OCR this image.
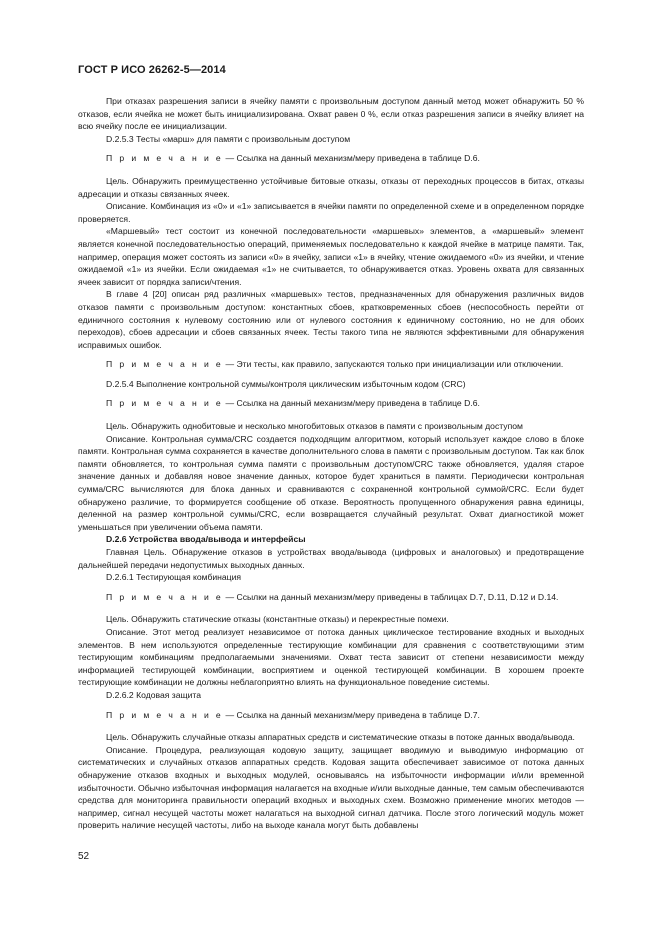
ГОСТ Р ИСО 26262-5—2014

При отказах разрешения записи в ячейку памяти с произвольным доступом данный метод может обнаружить 50 % отказов, если ячейка не может быть инициализирована. Охват равен 0 %, если отказ разрешения записи в ячейку влияет на всю ячейку после ее инициализации.

D.2.5.3 Тесты «марш» для памяти с произвольным доступом

П р и м е ч а н и е — Ссылка на данный механизм/меру приведена в таблице D.6.

Цель. Обнаружить преимущественно устойчивые битовые отказы, отказы от переходных процессов в битах, отказы адресации и отказы связанных ячеек.

Описание. Комбинация из «0» и «1» записывается в ячейки памяти по определенной схеме и в определенном порядке проверяется.

«Маршевый» тест состоит из конечной последовательности «маршевых» элементов, а «маршевый» элемент является конечной последовательностью операций, применяемых последовательно к каждой ячейке в матрице памяти. Так, например, операция может состоять из записи «0» в ячейку, записи «1» в ячейку, чтение ожидаемого «0» из ячейки, и чтение ожидаемой «1» из ячейки. Если ожидаемая «1» не считывается, то обнаруживается отказ. Уровень охвата для связанных ячеек зависит от порядка записи/чтения.

В главе 4 [20] описан ряд различных «маршевых» тестов, предназначенных для обнаружения различных видов отказов памяти с произвольным доступом: константных сбоев, кратковременных сбоев (неспособность перейти от единичного состояния к нулевому состоянию или от нулевого состояния к единичному состоянию, но не для обоих переходов), сбоев адресации и сбоев связанных ячеек. Тесты такого типа не являются эффективными для обнаружения исправимых ошибок.

П р и м е ч а н и е — Эти тесты, как правило, запускаются только при инициализации или отключении.

D.2.5.4 Выполнение контрольной суммы/контроля циклическим избыточным кодом (CRC)

П р и м е ч а н и е — Ссылка на данный механизм/меру приведена в таблице D.6.

Цель. Обнаружить однобитовые и несколько многобитовых отказов в памяти с произвольным доступом

Описание. Контрольная сумма/CRC создается подходящим алгоритмом, который использует каждое слово в блоке памяти. Контрольная сумма сохраняется в качестве дополнительного слова в памяти с произвольным доступом. Так как блок памяти обновляется, то контрольная сумма памяти с произвольным доступом/CRC также обновляется, удаляя старое значение данных и добавляя новое значение данных, которое будет храниться в памяти. Периодически контрольная сумма/CRC вычисляются для блока данных и сравниваются с сохраненной контрольной суммой/CRC. Если будет обнаружено различие, то формируется сообщение об отказе. Вероятность пропущенного обнаружения равна единицы, деленной на размер контрольной суммы/CRC, если возвращается случайный результат. Охват диагностикой может уменьшаться при увеличении объема памяти.

D.2.6 Устройства ввода/вывода и интерфейсы

Главная Цель. Обнаружение отказов в устройствах ввода/вывода (цифровых и аналоговых) и предотвращение дальнейшей передачи недопустимых выходных данных.

D.2.6.1 Тестирующая комбинация

П р и м е ч а н и е — Ссылки на данный механизм/меру приведены в таблицах D.7, D.11, D.12 и D.14.

Цель. Обнаружить статические отказы (константные отказы) и перекрестные помехи.

Описание. Этот метод реализует независимое от потока данных циклическое тестирование входных и выходных элементов. В нем используются определенные тестирующие комбинации для сравнения с соответствующими этим тестирующим комбинациям предполагаемыми значениями. Охват теста зависит от степени независимости между информацией тестирующей комбинации, восприятием и оценкой тестирующей комбинации. В хорошем проекте тестирующие комбинации не должны неблагоприятно влиять на функциональное поведение системы.

D.2.6.2 Кодовая защита

П р и м е ч а н и е — Ссылка на данный механизм/меру приведена в таблице D.7.

Цель. Обнаружить случайные отказы аппаратных средств и систематические отказы в потоке данных ввода/вывода.

Описание. Процедура, реализующая кодовую защиту, защищает вводимую и выводимую информацию от систематических и случайных отказов аппаратных средств. Кодовая защита обеспечивает зависимое от потока данных обнаружение отказов входных и выходных модулей, основываясь на избыточности информации и/или временной избыточности. Обычно избыточная информация налагается на входные и/или выходные данные, тем самым обеспечиваются средства для мониторинга правильности операций входных и выходных схем. Возможно применение многих методов — например, сигнал несущей частоты может налагаться на выходной сигнал датчика. После этого логический модуль может проверить наличие несущей частоты, либо на выходе канала могут быть добавлены

52
